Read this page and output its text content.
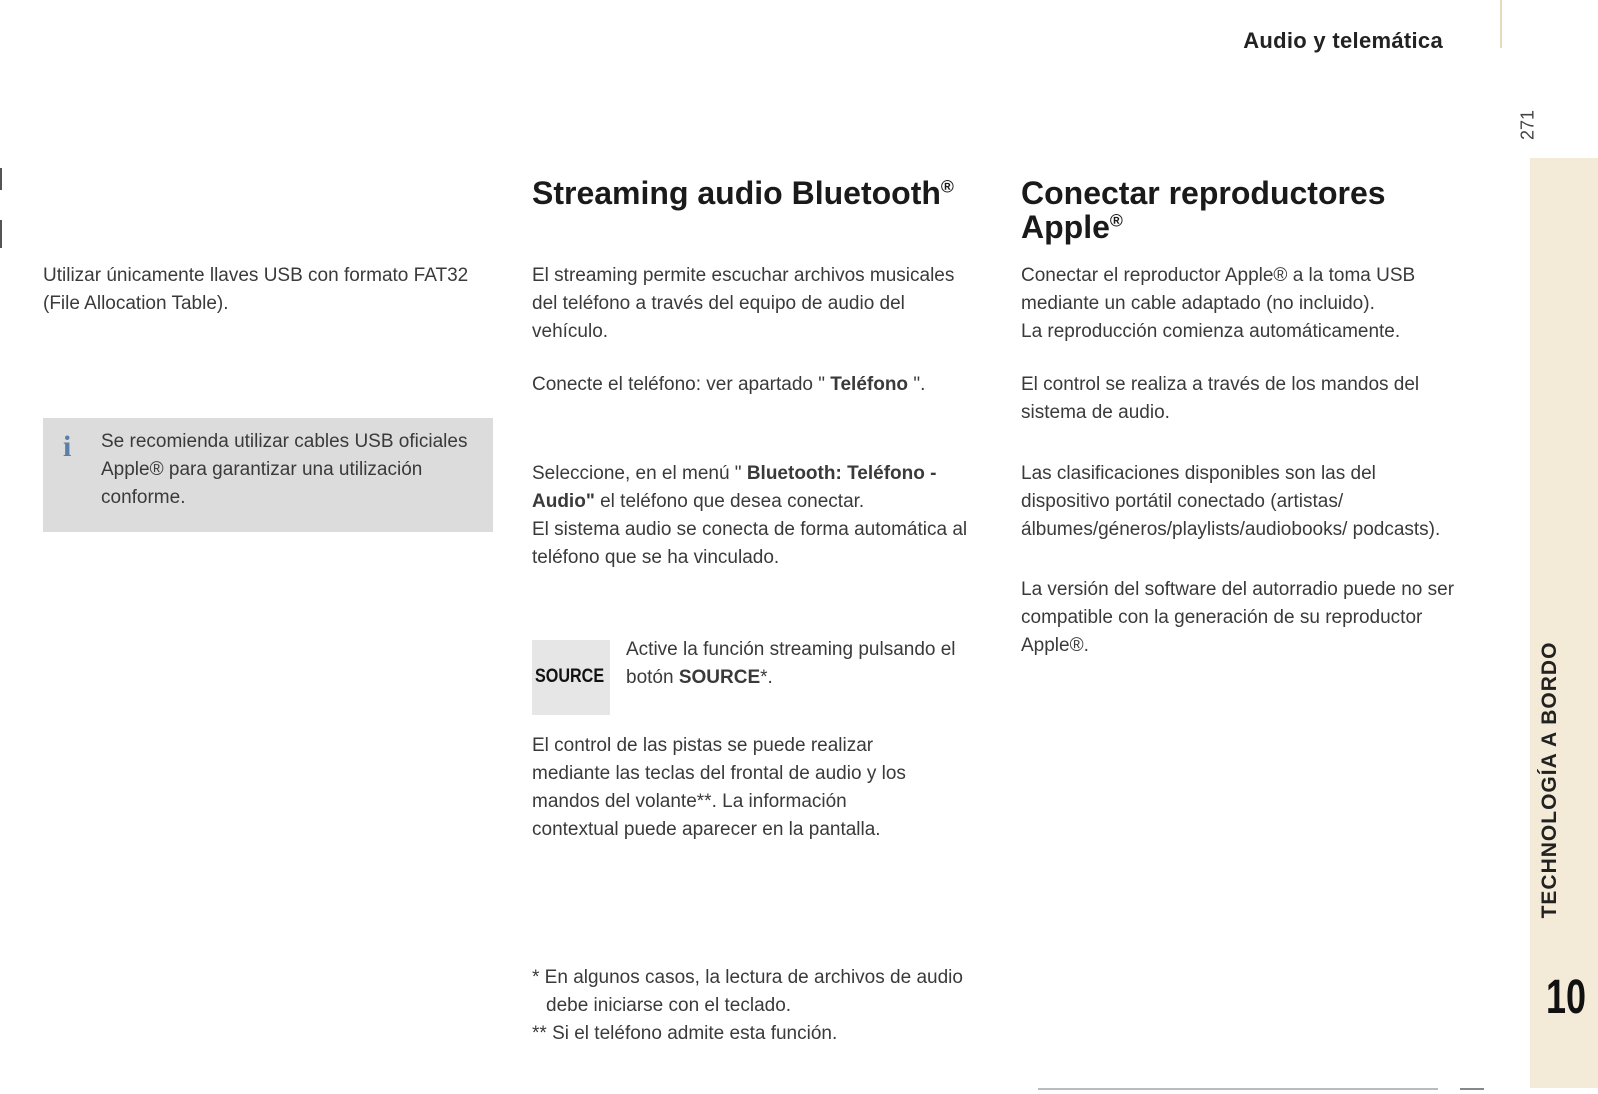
Audio y telemática
271
TECHNOLOGÍA A BORDO
10

Utilizar únicamente llaves USB con formato FAT32 (File Allocation Table).

i Se recomienda utilizar cables USB oficiales Apple® para garantizar una utilización conforme.
Streaming audio Bluetooth®

El streaming permite escuchar archivos musicales del teléfono a través del equipo de audio del vehículo.

Conecte el teléfono: ver apartado " Teléfono ".

Seleccione, en el menú " Bluetooth: Teléfono - Audio" el teléfono que desea conectar.

El sistema audio se conecta de forma automática al teléfono que se ha vinculado.

SOURCE

Active la función streaming pulsando el botón SOURCE*.

El control de las pistas se puede realizar mediante las teclas del frontal de audio y los mandos del volante**. La información contextual puede aparecer en la pantalla.

* En algunos casos, la lectura de archivos de audio debe iniciarse con el teclado.
** Si el teléfono admite esta función.
Conectar reproductores Apple®

Conectar el reproductor Apple® a la toma USB mediante un cable adaptado (no incluido).

La reproducción comienza automáticamente.

El control se realiza a través de los mandos del sistema de audio.

Las clasificaciones disponibles son las del dispositivo portátil conectado (artistas/ álbumes/géneros/playlists/audiobooks/ podcasts).

La versión del software del autorradio puede no ser compatible con la generación de su reproductor Apple®.
